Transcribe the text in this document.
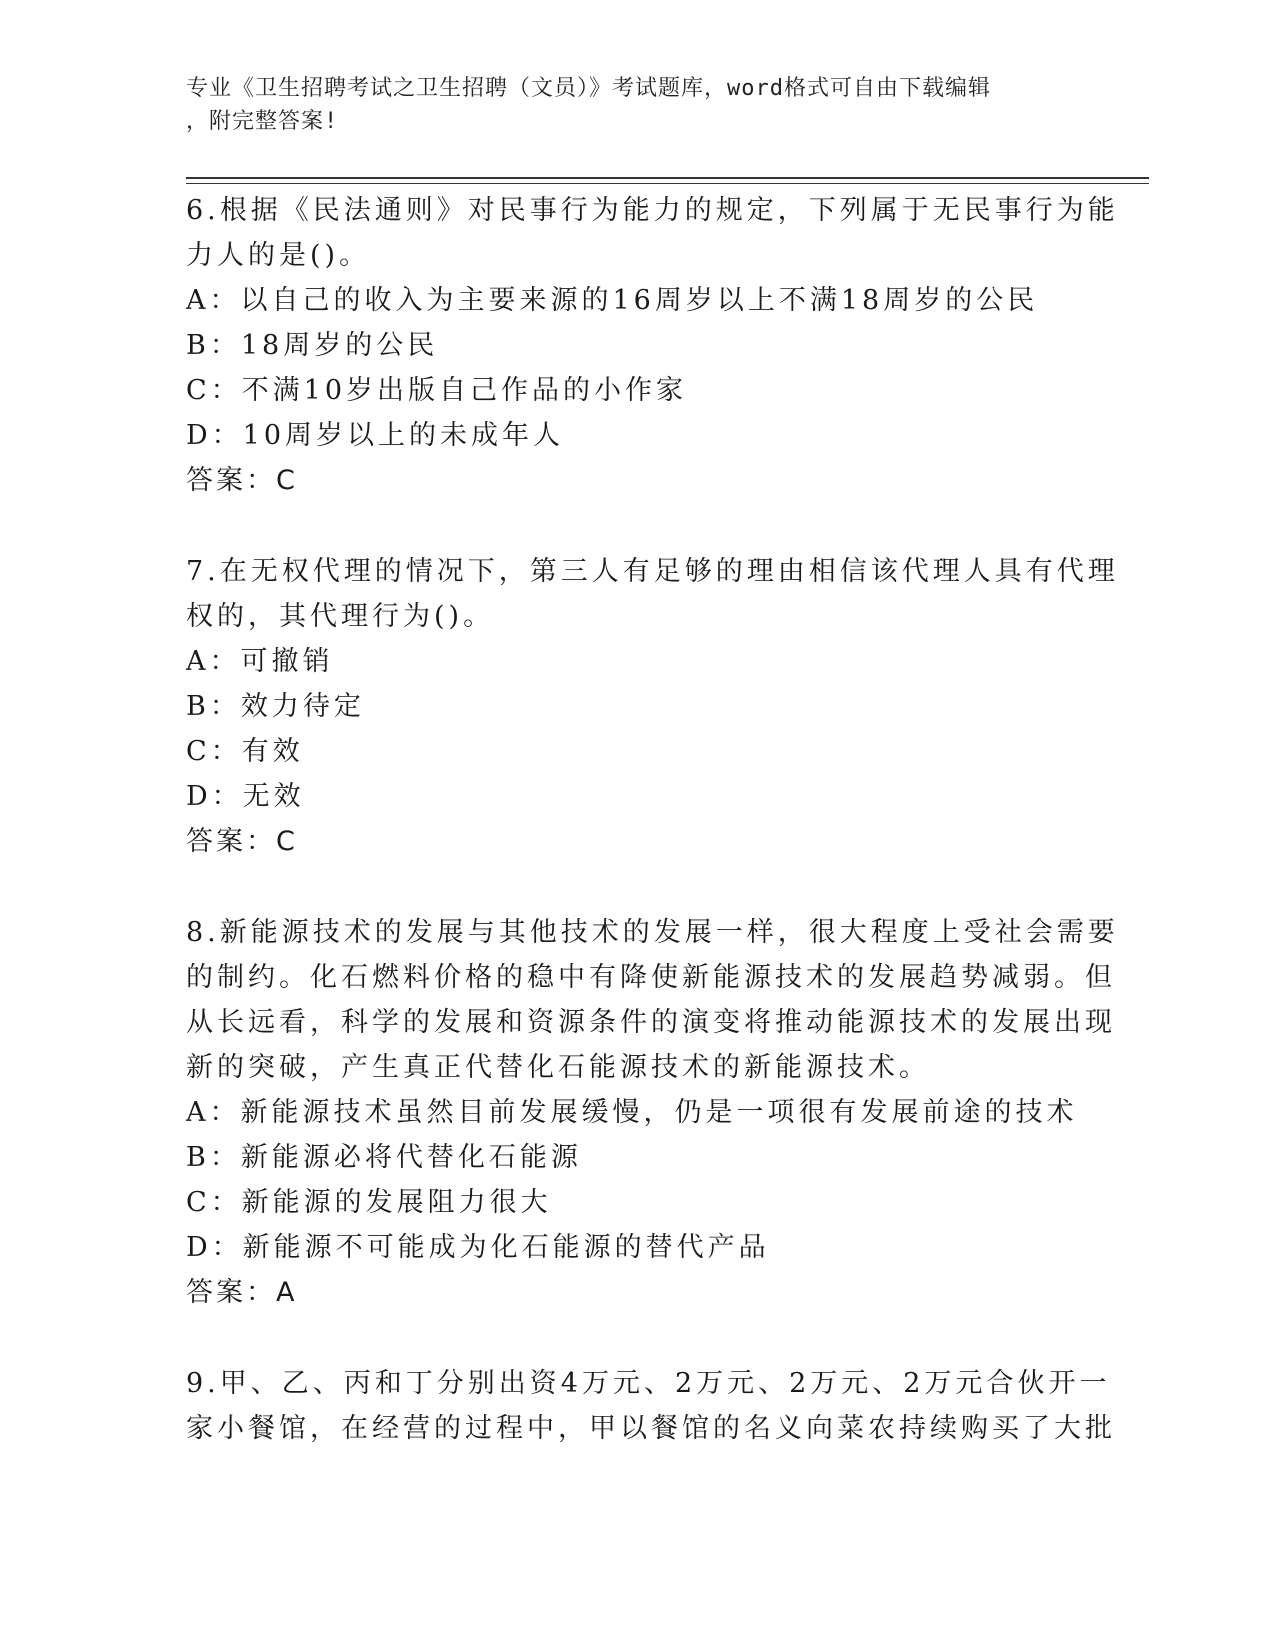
专业《卫生招聘考试之卫生招聘（文员）》考试题库，word格式可自由下载编辑
，附完整答案!
6.根据《民法通则》对民事行为能力的规定，下列属于无民事行为能
力人的是()。
A：以自己的收入为主要来源的16周岁以上不满18周岁的公民
B：18周岁的公民
C：不满10岁出版自己作品的小作家
D：10周岁以上的未成年人
答案：C
7.在无权代理的情况下，第三人有足够的理由相信该代理人具有代理
权的，其代理行为()。
A：可撤销
B：效力待定
C：有效
D：无效
答案：C
8.新能源技术的发展与其他技术的发展一样，很大程度上受社会需要
的制约。化石燃料价格的稳中有降使新能源技术的发展趋势减弱。但
从长远看，科学的发展和资源条件的演变将推动能源技术的发展出现
新的突破，产生真正代替化石能源技术的新能源技术。
A：新能源技术虽然目前发展缓慢，仍是一项很有发展前途的技术
B：新能源必将代替化石能源
C：新能源的发展阻力很大
D：新能源不可能成为化石能源的替代产品
答案：A
9.甲、乙、丙和丁分别出资4万元、2万元、2万元、2万元合伙开一
家小餐馆，在经营的过程中，甲以餐馆的名义向菜农持续购买了大批
